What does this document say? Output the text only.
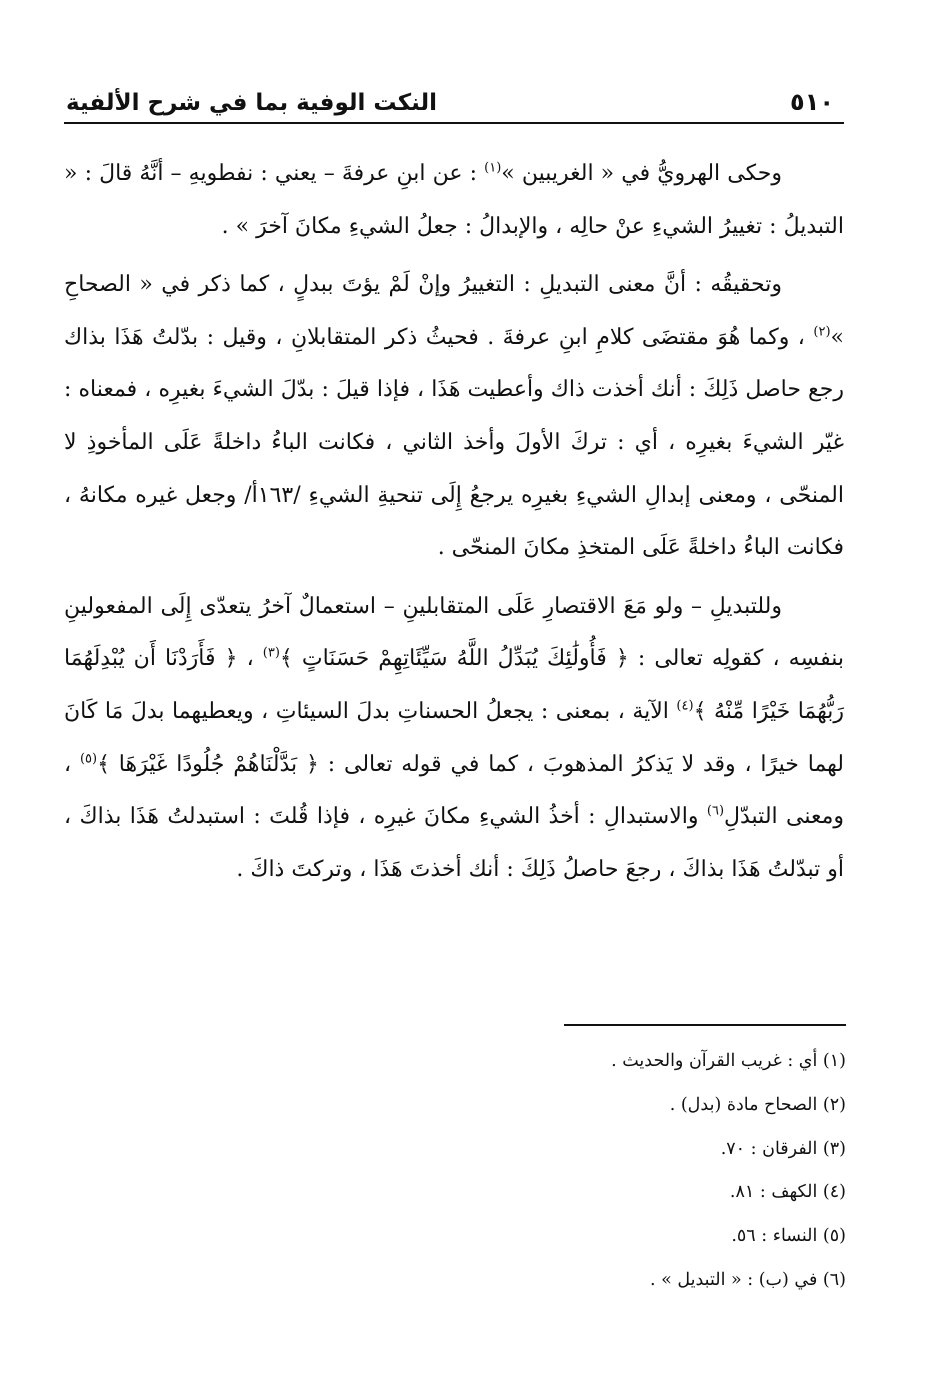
النكت الوفية بما في شرح الألفية	٥١٠

وحكى الهرويُّ في « الغريبين »$^{(١)}$ : عن ابنِ عرفةَ – يعني : نفطويهِ – أنَّهُ قالَ : « التبديلُ : تغييرُ الشيءِ عنْ حالِه ، والإبدالُ : جعلُ الشيءِ مكانَ آخرَ » .

وتحقيقُه : أنَّ معنى التبديلِ : التغييرُ وإنْ لَمْ يؤتَ ببدلٍ ، كما ذكر في « الصحاحِ »$^{(٢)}$ ، وكما هُوَ مقتضَى كلامِ ابنِ عرفةَ . فحيثُ ذكر المتقابلانِ ، وقيل : بدّلتُ هَذَا بذاك رجع حاصل ذَلِكَ : أنك أخذت ذاك وأعطيت هَذَا ، فإذا قيلَ : بدّلَ الشيءَ بغيرِه ، فمعناه : غيّر الشيءَ بغيرِه ، أي : تركَ الأولَ وأخذ الثاني ، فكانت الباءُ داخلةً عَلَى المأخوذِ لا المنحّى ، ومعنى إبدالِ الشيءِ بغيرِه يرجعُ إِلَى تنحيةِ الشيءِ /١٦٣أ/ وجعل غيره مكانهُ ، فكانت الباءُ داخلةً عَلَى المتخذِ مكانَ المنحّى .

وللتبديلِ – ولو مَعَ الاقتصارِ عَلَى المتقابلينِ – استعمالٌ آخرُ يتعدّى إِلَى المفعولينِ بنفسِه ، كقولِه تعالى : ﴿ فَأُولَٰئِكَ يُبَدِّلُ اللَّهُ سَيِّئَاتِهِمْ حَسَنَاتٍ ﴾$^{(٣)}$ ، ﴿ فَأَرَدْنَا أَن يُبْدِلَهُمَا رَبُّهُمَا خَيْرًا مِّنْهُ ﴾$^{(٤)}$ الآية ، بمعنى : يجعلُ الحسناتِ بدلَ السيئاتِ ، ويعطيهما بدلَ مَا كَانَ لهما خيرًا ، وقد لا يَذكرُ المذهوبَ ، كما في قوله تعالى : ﴿ بَدَّلْنَاهُمْ جُلُودًا غَيْرَهَا ﴾$^{(٥)}$ ، ومعنى التبدّلِ$^{(٦)}$ والاستبدالِ : أخذُ الشيءِ مكانَ غيرِه ، فإذا قُلتَ : استبدلتُ هَذَا بذاكَ ، أو تبدّلتُ هَذَا بذاكَ ، رجعَ حاصلُ ذَلِكَ : أنك أخذتَ هَذَا ، وتركتَ ذاكَ .

(١) أي : غريب القرآن والحديث .
(٢) الصحاح مادة (بدل) .
(٣) الفرقان : ٧٠.
(٤) الكهف : ٨١.
(٥) النساء : ٥٦.
(٦) في (ب) : « التبديل » .
